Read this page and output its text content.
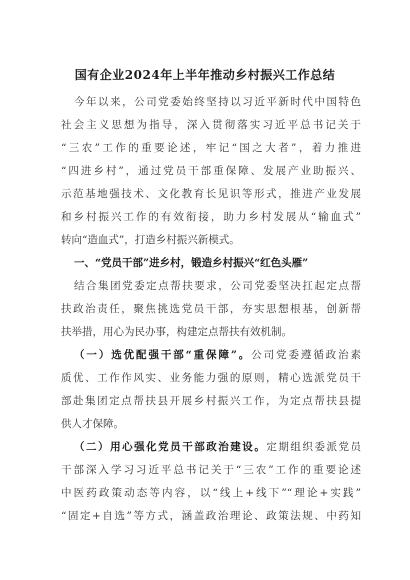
国有企业2024年上半年推动乡村振兴工作总结
今年以来，公司党委始终坚持以习近平新时代中国特色
社会主义思想为指导，深入贯彻落实习近平总书记关于
“三农”工作的重要论述，牢记“国之大者”，着力推进
“四进乡村”，通过党员干部重保障、发展产业助振兴、
示范基地强技术、文化教育长见识等形式，推进产业发展
和乡村振兴工作的有效衔接，助力乡村发展从“输血式”
转向“造血式”，打造乡村振兴新模式。
一、“党员干部”进乡村，锻造乡村振兴“红色头雁”
结合集团党委定点帮扶要求，公司党委坚决扛起定点帮
扶政治责任，聚焦挑选党员干部，夯实思想根基，创新帮
扶举措，用心为民办事，构建定点帮扶有效机制。
（一）选优配强干部“重保障”。公司党委遵循政治素
质优、工作作风实、业务能力强的原则，精心选派党员干
部赴集团定点帮扶县开展乡村振兴工作，为定点帮扶县提
供人才保障。
（二）用心强化党员干部政治建设。定期组织委派党员
干部深入学习习近平总书记关于“三农”工作的重要论述
中医药政策动态等内容，以“线上+线下”“理论+实践”
“固定+自选”等方式，涵盖政治理论、政策法规、中药知
